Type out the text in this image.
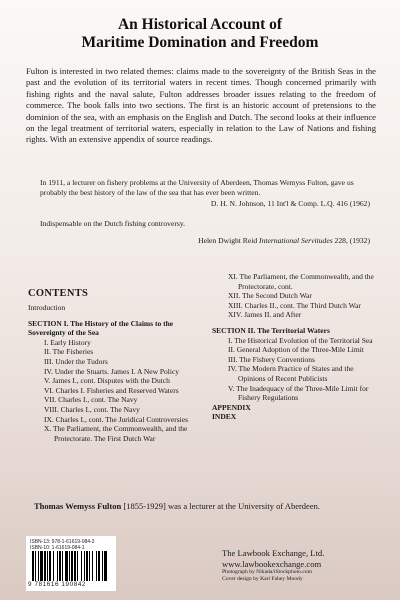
An Historical Account of
Maritime Domination and Freedom

Fulton is interested in two related themes: claims made to the sovereignty of the British Seas in the past and the evolution of its territorial waters in recent times. Though concerned primarily with fishing rights and the naval salute, Fulton addresses broader issues relating to the freedom of commerce. The book falls into two sections. The first is an historic account of pretensions to the dominion of the sea, with an emphasis on the English and Dutch. The second looks at their influence on the legal treatment of territorial waters, especially in relation to the Law of Nations and fishing rights. With an extensive appendix of source readings.

In 1911, a lecturer on fishery problems at the University of Aberdeen, Thomas Wemyss Fulton, gave us probably the best history of the law of the sea that has ever been written.

D. H. N. Johnson, 11 Int'l & Comp. L.Q. 416 (1962)

Indispensable on the Dutch fishing controversy.

Helen Dwight Reid International Servitudes 228, (1932)
CONTENTS
Introduction
SECTION I. The History of the Claims to the Sovereignty of the Sea
I. Early History
II. The Fisheries
III. Under the Tudors
IV. Under the Stuarts. James I. A New Policy
V. James I., cont. Disputes with the Dutch
VI. Charles I. Fisheries and Reserved Waters
VII. Charles I., cont. The Navy
VIII. Charles I., cont. The Navy
IX. Charles I., cont. The Juridical Controversies
X. The Parliament, the Commonwealth, and the Protectorate. The First Dutch War
XI. The Parliament, the Commonwealth, and the Protectorate, cont.
XII. The Second Dutch War
XIII. Charles II., cont. The Third Dutch War
XIV. James II. and After
SECTION II. The Territorial Waters
I. The Historical Evolution of the Territorial Sea
II. General Adoption of the Three-Mile Limit
III. The Fishery Conventions
IV. The Modern Practice of States and the Opinions of Recent Publicists
V. The Inadequacy of the Three-Mile Limit for Fishery Regulations
APPENDIX
INDEX
Thomas Wemyss Fulton [1855-1929] was a lecturer at the University of Aberdeen.
ISBN-13: 978-1-61619-084-2
ISBN-10: 1-61619-084-1
9 781616 190842
The Lawbook Exchange, Ltd.
www.lawbookexchange.com
Photograph by Nikada/iStockphoto.com
Cover design by Kari Fahey Moody
